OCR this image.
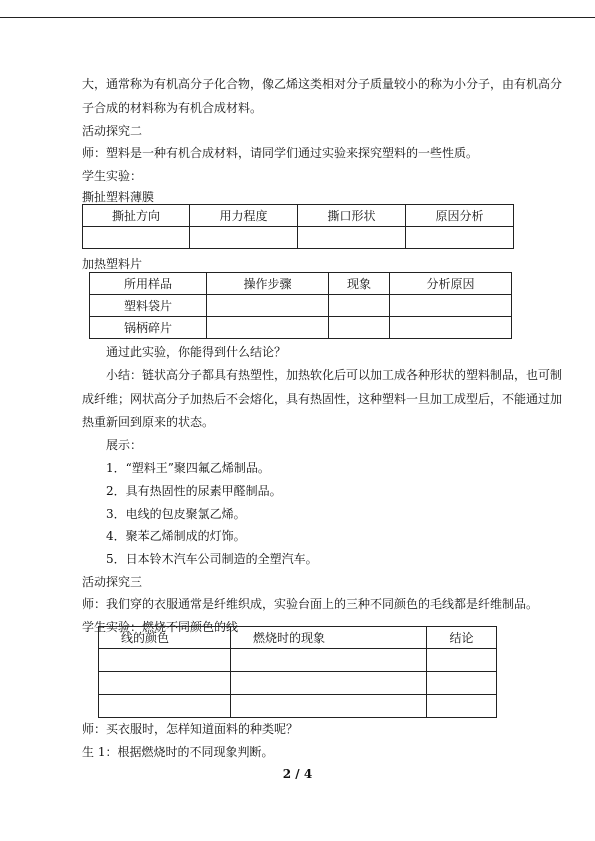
大，通常称为有机高分子化合物，像乙烯这类相对分子质量较小的称为小分子，由有机高分
子合成的材料称为有机合成材料。
活动探究二
师：塑料是一种有机合成材料，请同学们通过实验来探究塑料的一些性质。
学生实验：
撕扯塑料薄膜
撕扯方向	用力程度	撕口形状	原因分析

加热塑料片
所用样品	操作步骤	现象	分析原因
塑料袋片			
锅柄碎片			
通过此实验，你能得到什么结论？
小结：链状高分子都具有热塑性，加热软化后可以加工成各种形状的塑料制品，也可制
成纤维；网状高分子加热后不会熔化，具有热固性，这种塑料一旦加工成型后，不能通过加
热重新回到原来的状态。
展示：
1．“塑料王”聚四氟乙烯制品。
2．具有热固性的尿素甲醛制品。
3．电线的包皮聚氯乙烯。
4．聚苯乙烯制成的灯饰。
5．日本铃木汽车公司制造的全塑汽车。
活动探究三
师：我们穿的衣服通常是纤维织成，实验台面上的三种不同颜色的毛线都是纤维制品。
学生实验：燃烧不同颜色的线
线的颜色	燃烧时的现象	结论

师：买衣服时，怎样知道面料的种类呢？
生 1：根据燃烧时的不同现象判断。
2 / 4
